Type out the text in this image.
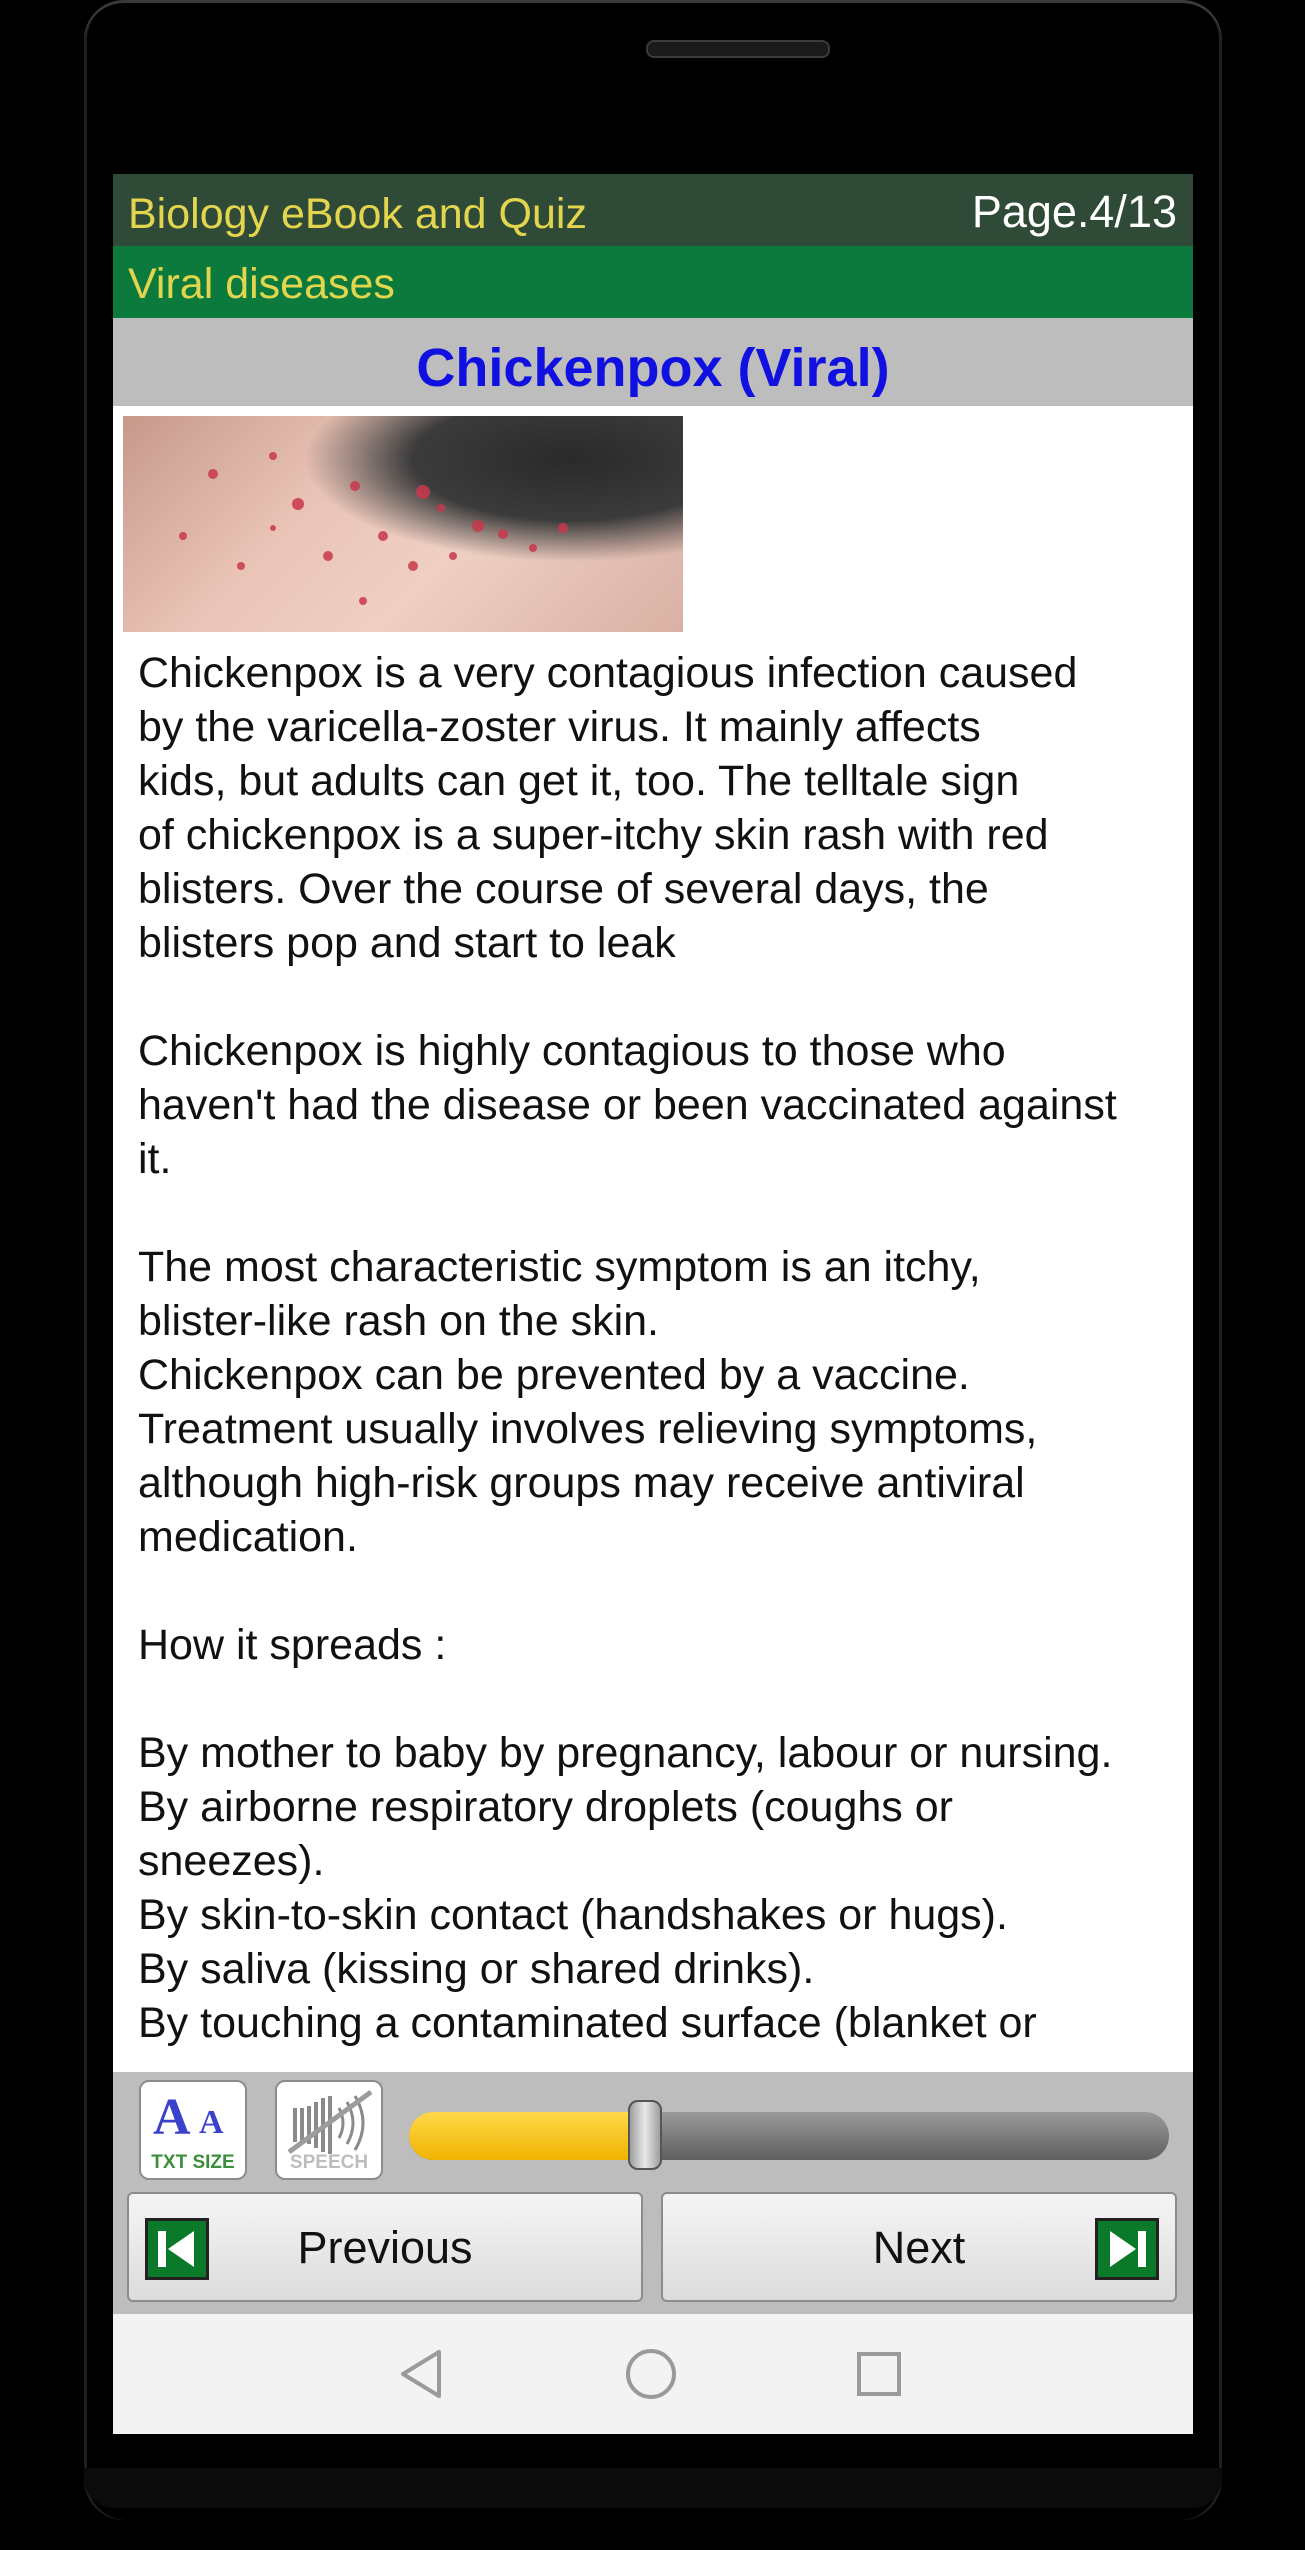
Biology eBook and Quiz	Page.4/13
Viral diseases
Chickenpox (Viral)
Chickenpox is a very contagious infection caused
by the varicella-zoster virus. It mainly affects
kids, but adults can get it, too. The telltale sign
of chickenpox is a super-itchy skin rash with red
blisters. Over the course of several days, the
blisters pop and start to leak

Chickenpox is highly contagious to those who
haven't had the disease or been vaccinated against
it.

The most characteristic symptom is an itchy,
blister-like rash on the skin.
Chickenpox can be prevented by a vaccine.
Treatment usually involves relieving symptoms,
although high-risk groups may receive antiviral
medication.

How it spreads :

By mother to baby by pregnancy, labour or nursing.
By airborne respiratory droplets (coughs or
sneezes).
By skin-to-skin contact (handshakes or hugs).
By saliva (kissing or shared drinks).
By touching a contaminated surface (blanket or
A A
TXT SIZE	SPEECH
Previous	Next
